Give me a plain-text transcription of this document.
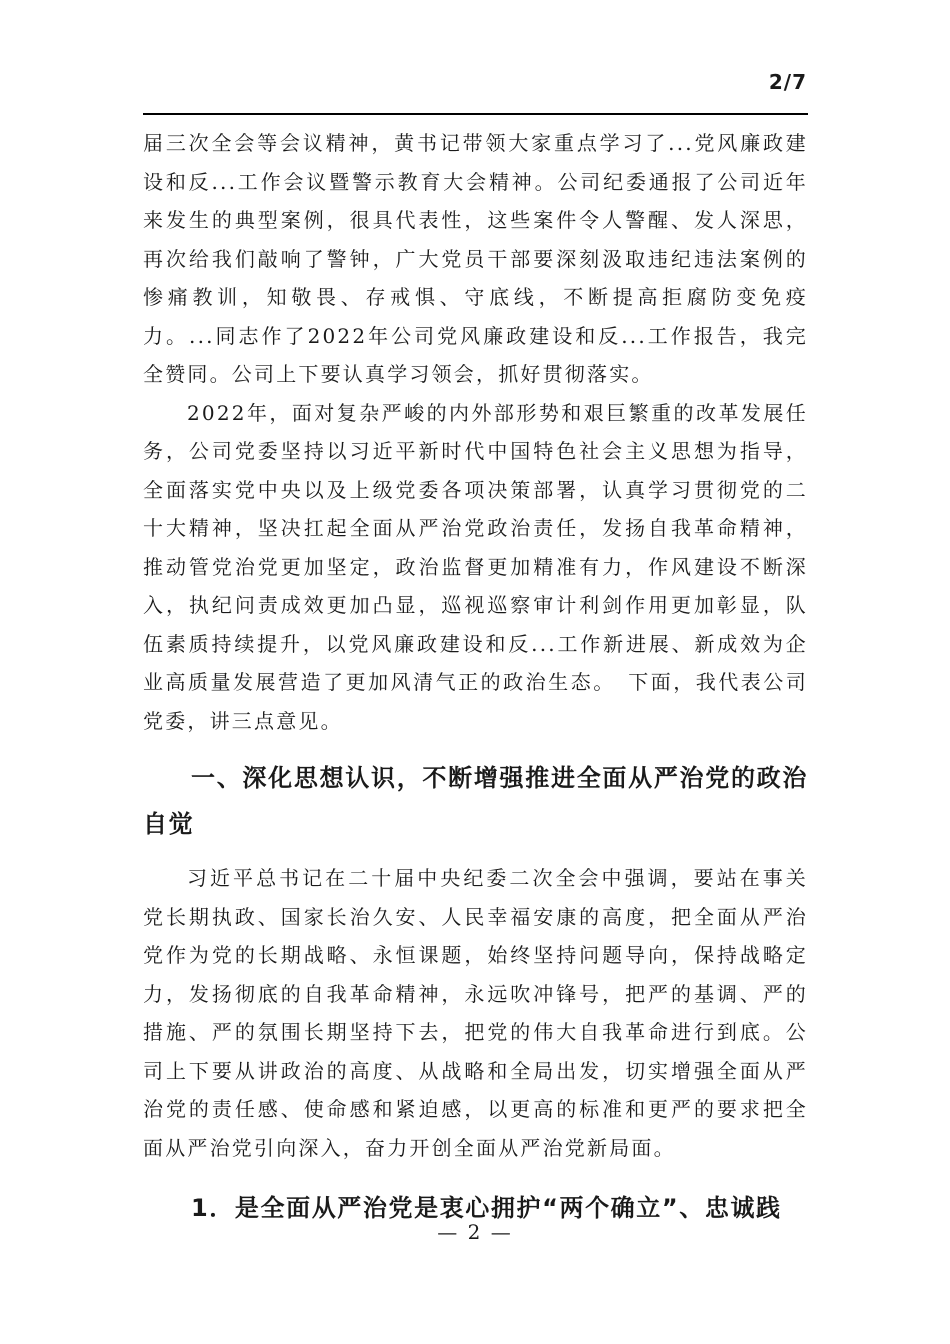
2/7

届三次全会等会议精神，黄书记带领大家重点学习了...党风廉政建设和反...工作会议暨警示教育大会精神。公司纪委通报了公司近年来发生的典型案例，很具代表性，这些案件令人警醒、发人深思，再次给我们敲响了警钟，广大党员干部要深刻汲取违纪违法案例的惨痛教训，知敬畏、存戒惧、守底线，不断提高拒腐防变免疫力。...同志作了2022年公司党风廉政建设和反...工作报告，我完全赞同。公司上下要认真学习领会，抓好贯彻落实。

2022年，面对复杂严峻的内外部形势和艰巨繁重的改革发展任务，公司党委坚持以习近平新时代中国特色社会主义思想为指导，全面落实党中央以及上级党委各项决策部署，认真学习贯彻党的二十大精神，坚决扛起全面从严治党政治责任，发扬自我革命精神，推动管党治党更加坚定，政治监督更加精准有力，作风建设不断深入，执纪问责成效更加凸显，巡视巡察审计利剑作用更加彰显，队伍素质持续提升，以党风廉政建设和反...工作新进展、新成效为企业高质量发展营造了更加风清气正的政治生态。　下面，我代表公司党委，讲三点意见。

一、深化思想认识，不断增强推进全面从严治党的政治自觉

习近平总书记在二十届中央纪委二次全会中强调，要站在事关党长期执政、国家长治久安、人民幸福安康的高度，把全面从严治党作为党的长期战略、永恒课题，始终坚持问题导向，保持战略定力，发扬彻底的自我革命精神，永远吹冲锋号，把严的基调、严的措施、严的氛围长期坚持下去，把党的伟大自我革命进行到底。公司上下要从讲政治的高度、从战略和全局出发，切实增强全面从严治党的责任感、使命感和紧迫感，以更高的标准和更严的要求把全面从严治党引向深入，奋力开创全面从严治党新局面。

1．是全面从严治党是衷心拥护“两个确立”、忠诚践

— 2 —
